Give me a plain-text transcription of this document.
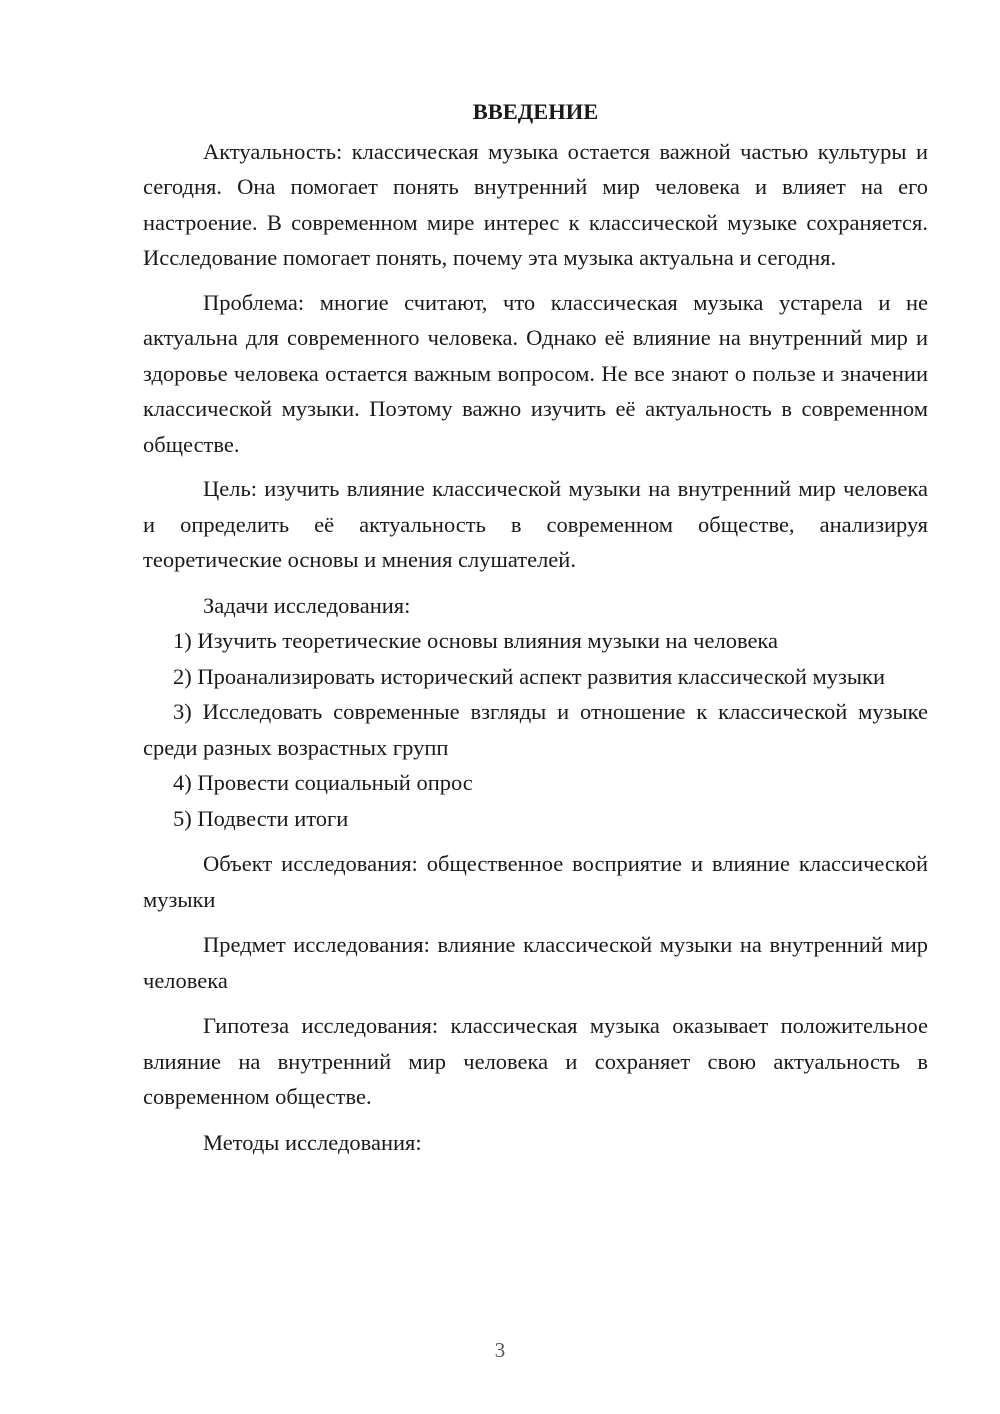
ВВЕДЕНИЕ

Актуальность: классическая музыка остается важной частью культуры и сегодня. Она помогает понять внутренний мир человека и влияет на его настроение. В современном мире интерес к классической музыке сохраняется. Исследование помогает понять, почему эта музыка актуальна и сегодня.

Проблема: многие считают, что классическая музыка устарела и не актуальна для современного человека. Однако её влияние на внутренний мир и здоровье человека остается важным вопросом. Не все знают о пользе и значении классической музыки. Поэтому важно изучить её актуальность в современном обществе.

Цель: изучить влияние классической музыки на внутренний мир человека и определить её актуальность в современном обществе, анализируя теоретические основы и мнения слушателей.

Задачи исследования:

1) Изучить теоретические основы влияния музыки на человека

2) Проанализировать исторический аспект развития классической музыки

3) Исследовать современные взгляды и отношение к классической музыке среди разных возрастных групп

4) Провести социальный опрос

5) Подвести итоги

Объект исследования: общественное восприятие и влияние классической музыки

Предмет исследования: влияние классической музыки на внутренний мир человека

Гипотеза исследования: классическая музыка оказывает положительное влияние на внутренний мир человека и сохраняет свою актуальность в современном обществе.

Методы исследования:

3
